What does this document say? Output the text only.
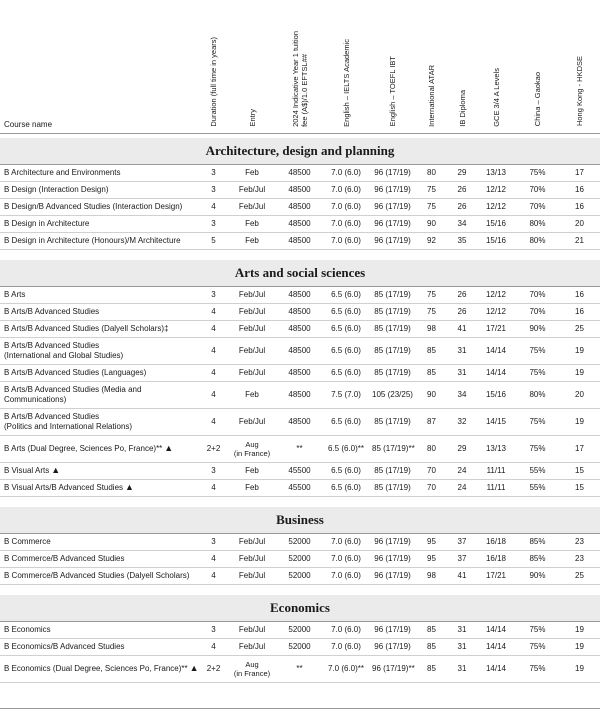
Course name	Duration (full time in years)	Entry	2024 Indicative Year 1 tuition
fee (A$)/1.0 EFTSL##	English – IELTS Academic	English – TOEFL IBT	International ATAR	IB Diploma	GCE 3/4 A Levels	China – Gaokao	Hong Kong - HKDSE

Architecture, design and planning										
B Architecture and Environments	3	Feb	48500	7.0 (6.0)	96 (17/19)	80	29	13/13	75%	17
B Design (Interaction Design)	3	Feb/Jul	48500	7.0 (6.0)	96 (17/19)	75	26	12/12	70%	16
B Design/B Advanced Studies (Interaction Design)	4	Feb/Jul	48500	7.0 (6.0)	96 (17/19)	75	26	12/12	70%	16
B Design in Architecture	3	Feb	48500	7.0 (6.0)	96 (17/19)	90	34	15/16	80%	20
B Design in Architecture (Honours)/M Architecture	5	Feb	48500	7.0 (6.0)	96 (17/19)	92	35	15/16	80%	21

Arts and social sciences										
B Arts	3	Feb/Jul	48500	6.5 (6.0)	85 (17/19)	75	26	12/12	70%	16
B Arts/B Advanced Studies	4	Feb/Jul	48500	6.5 (6.0)	85 (17/19)	75	26	12/12	70%	16
B Arts/B Advanced Studies (Dalyell Scholars)‡	4	Feb/Jul	48500	6.5 (6.0)	85 (17/19)	98	41	17/21	90%	25
B Arts/B Advanced Studies
(International and Global Studies)	4	Feb/Jul	48500	6.5 (6.0)	85 (17/19)	85	31	14/14	75%	19
B Arts/B Advanced Studies (Languages)	4	Feb/Jul	48500	6.5 (6.0)	85 (17/19)	85	31	14/14	75%	19
B Arts/B Advanced Studies (Media and
Communications)	4	Feb	48500	7.5 (7.0)	105 (23/25)	90	34	15/16	80%	20
B Arts/B Advanced Studies
(Politics and International Relations)	4	Feb/Jul	48500	6.5 (6.0)	85 (17/19)	87	32	14/15	75%	19
B Arts (Dual Degree, Sciences Po, France)** ▲	2+2	Aug
(in France)	**	6.5 (6.0)**	85 (17/19)**	80	29	13/13	75%	17
B Visual Arts ▲	3	Feb	45500	6.5 (6.0)	85 (17/19)	70	24	11/11	55%	15
B Visual Arts/B Advanced Studies ▲	4	Feb	45500	6.5 (6.0)	85 (17/19)	70	24	11/11	55%	15

Business										
B Commerce	3	Feb/Jul	52000	7.0 (6.0)	96 (17/19)	95	37	16/18	85%	23
B Commerce/B Advanced Studies	4	Feb/Jul	52000	7.0 (6.0)	96 (17/19)	95	37	16/18	85%	23
B Commerce/B Advanced Studies (Dalyell Scholars)	4	Feb/Jul	52000	7.0 (6.0)	96 (17/19)	98	41	17/21	90%	25

Economics										
B Economics	3	Feb/Jul	52000	7.0 (6.0)	96 (17/19)	85	31	14/14	75%	19
B Economics/B Advanced Studies	4	Feb/Jul	52000	7.0 (6.0)	96 (17/19)	85	31	14/14	75%	19
B Economics (Dual Degree, Sciences Po, France)** ▲	2+2	Aug
(in France)	**	7.0 (6.0)**	96 (17/19)**	85	31	14/14	75%	19
